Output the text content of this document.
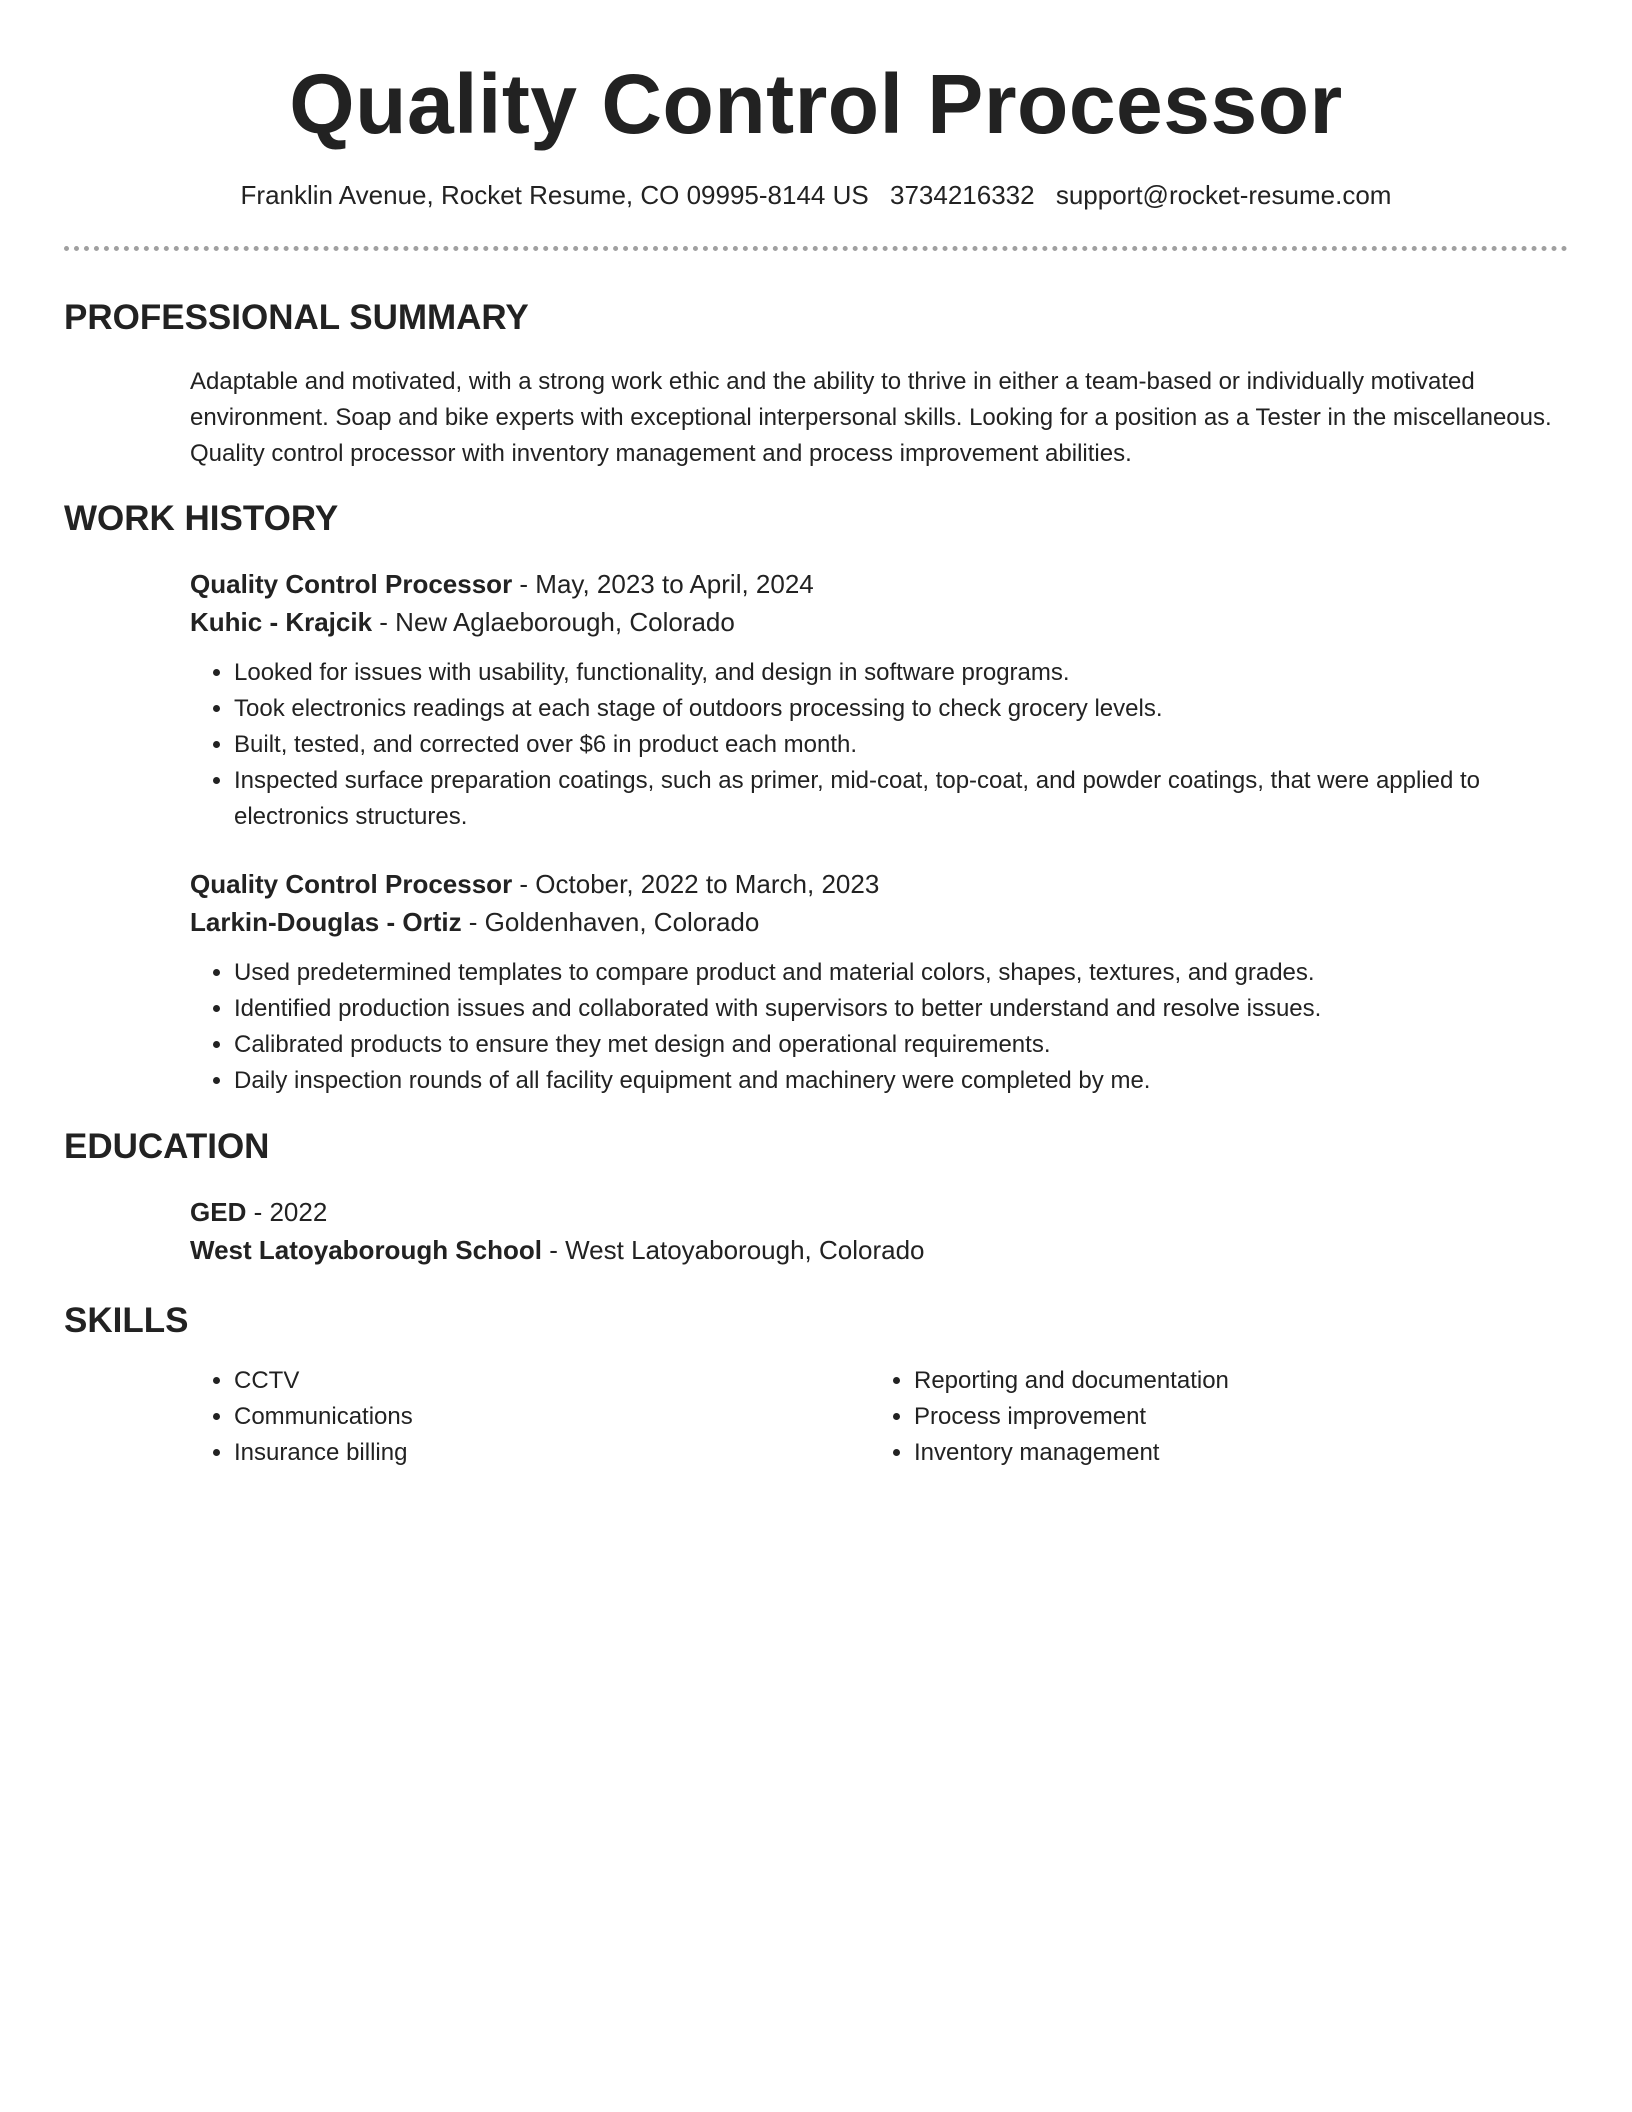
Quality Control Processor
Franklin Avenue, Rocket Resume, CO 09995-8144 US 3734216332 support@rocket-resume.com
PROFESSIONAL SUMMARY
Adaptable and motivated, with a strong work ethic and the ability to thrive in either a team-based or individually motivated environment. Soap and bike experts with exceptional interpersonal skills. Looking for a position as a Tester in the miscellaneous. Quality control processor with inventory management and process improvement abilities.
WORK HISTORY
Quality Control Processor - May, 2023 to April, 2024
Kuhic - Krajcik - New Aglaeborough, Colorado
• Looked for issues with usability, functionality, and design in software programs.
• Took electronics readings at each stage of outdoors processing to check grocery levels.
• Built, tested, and corrected over $6 in product each month.
• Inspected surface preparation coatings, such as primer, mid-coat, top-coat, and powder coatings, that were applied to electronics structures.
Quality Control Processor - October, 2022 to March, 2023
Larkin-Douglas - Ortiz - Goldenhaven, Colorado
• Used predetermined templates to compare product and material colors, shapes, textures, and grades.
• Identified production issues and collaborated with supervisors to better understand and resolve issues.
• Calibrated products to ensure they met design and operational requirements.
• Daily inspection rounds of all facility equipment and machinery were completed by me.
EDUCATION
GED - 2022
West Latoyaborough School - West Latoyaborough, Colorado
SKILLS
• CCTV
• Communications
• Insurance billing
• Reporting and documentation
• Process improvement
• Inventory management
